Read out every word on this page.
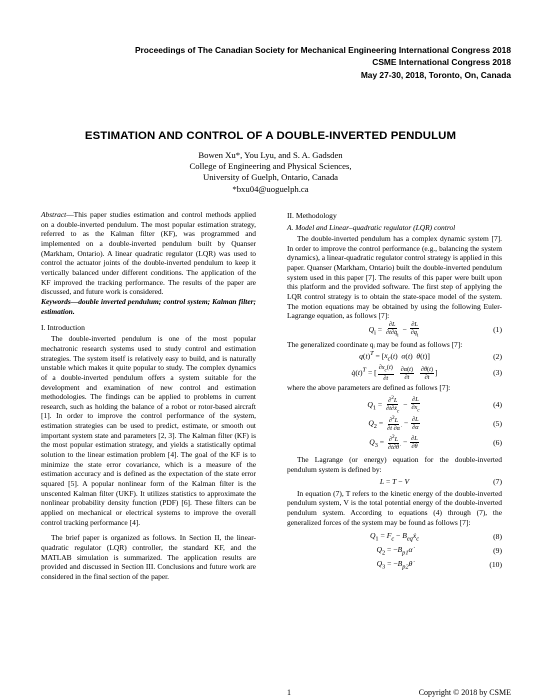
Proceedings of The Canadian Society for Mechanical Engineering International Congress 2018
CSME International Congress 2018
May 27-30, 2018, Toronto, On, Canada
ESTIMATION AND CONTROL OF A DOUBLE-INVERTED PENDULUM
Bowen Xu*, You Lyu, and S. A. Gadsden
College of Engineering and Physical Sciences,
University of Guelph, Ontario, Canada
*bxu04@uoguelph.ca

Abstract—This paper studies estimation and control methods applied on a double-inverted pendulum. The most popular estimation strategy, referred to as the Kalman filter (KF), was programmed and implemented on a double-inverted pendulum built by Quanser (Markham, Ontario). A linear quadratic regulator (LQR) was used to control the actuator joints of the double-inverted pendulum to keep it vertically balanced under different conditions. The application of the KF improved the tracking performance. The results of the paper are discussed, and future work is considered.

Keywords—double inverted pendulum; control system; Kalman filter; estimation.

I. Introduction

The double-inverted pendulum is one of the most popular mechatronic research systems used to study control and estimation strategies. The system itself is relatively easy to build, and is naturally unstable which makes it quite popular to study. The complex dynamics of a double-inverted pendulum offers a system suitable for the development and examination of new control and estimation methodologies. The findings can be applied to problems in current research, such as holding the balance of a robot or rotor-based aircraft [1]. In order to improve the control performance of the system, estimation strategies can be used to predict, estimate, or smooth out important system state and parameters [2, 3]. The Kalman filter (KF) is the most popular estimation strategy, and yields a statistically optimal solution to the linear estimation problem [4]. The goal of the KF is to minimize the state error covariance, which is a measure of the estimation accuracy and is defined as the expectation of the state error squared [5]. A popular nonlinear form of the Kalman filter is the unscented Kalman filter (UKF). It utilizes statistics to approximate the nonlinear probability density function (PDF) [6]. These filters can be applied on mechanical or electrical systems to improve the overall control tracking performance [4].

The brief paper is organized as follows. In Section II, the linear-quadratic regulator (LQR) controller, the standard KF, and the MATLAB simulation is summarized. The application results are provided and discussed in Section III. Conclusions and future work are considered in the final section of the paper.

II. Methodology

A. Model and Linear–quadratic regulator (LQR) control

The double-inverted pendulum has a complex dynamic system [7]. In order to improve the control performance (e.g., balancing the system dynamics), a linear-quadratic regulator control strategy is applied in this paper. Quanser (Markham, Ontario) built the double-inverted pendulum system used in this paper [7]. The results of this paper were built upon this platform and the provided software. The first step of applying the LQR control strategy is to obtain the state-space model of the system. The motion equations may be obtained by using the following Euler-Lagrange equation, as follows [7]:

$Q_i = \frac{\partial L}{\partial t\partial q̇_i} - \frac{\partial L}{\partial q_i}$	(1)

The generalized coordinate qᵢ may be found as follows [7]:

$q(t)^T = [x_c(t)$  α(t)  θ(t)]	(2)
$q̇(t)^T$ = [ $\frac{\partial x_c(t)}{\partial t}$
$\frac{\partial\alpha(t)}{\partial t}$
$\frac{\partial\theta(t)}{\partial t}$ ]	(3)

where the above parameters are defined as follows [7]:

$Q_1 = \frac{\partial^2L}{\partial t\partial ẋ_c} - \frac{\partial L}{\partial x_c}$	(4)
$Q_2 = \frac{\partial^2L}{\partial t \partial\alphȧ} - \frac{\partial L}{\partial\alpha}$	(5)
$Q_3 = \frac{\partial^2L}{\partial t\partial\thetȧ} - \frac{\partial L}{\partial\theta}$	(6)

The Lagrange (or energy) equation for the double-inverted pendulum system is defined by:

L = T − V	(7)

In equation (7), T refers to the kinetic energy of the double-inverted pendulum system, V is the total potential energy of the double-inverted pendulum system. According to equations (4) through (7), the generalized forces of the system may be found as follows [7]:

$Q_1 = F_c$ − $B_{eq}ẋ_c$	(8)
$Q_2$ = $-B_{p1}\alphȧ$	(9)
$Q_3$ = $-B_{p2}\thetȧ$	(10)
1	Copyright © 2018 by CSME
